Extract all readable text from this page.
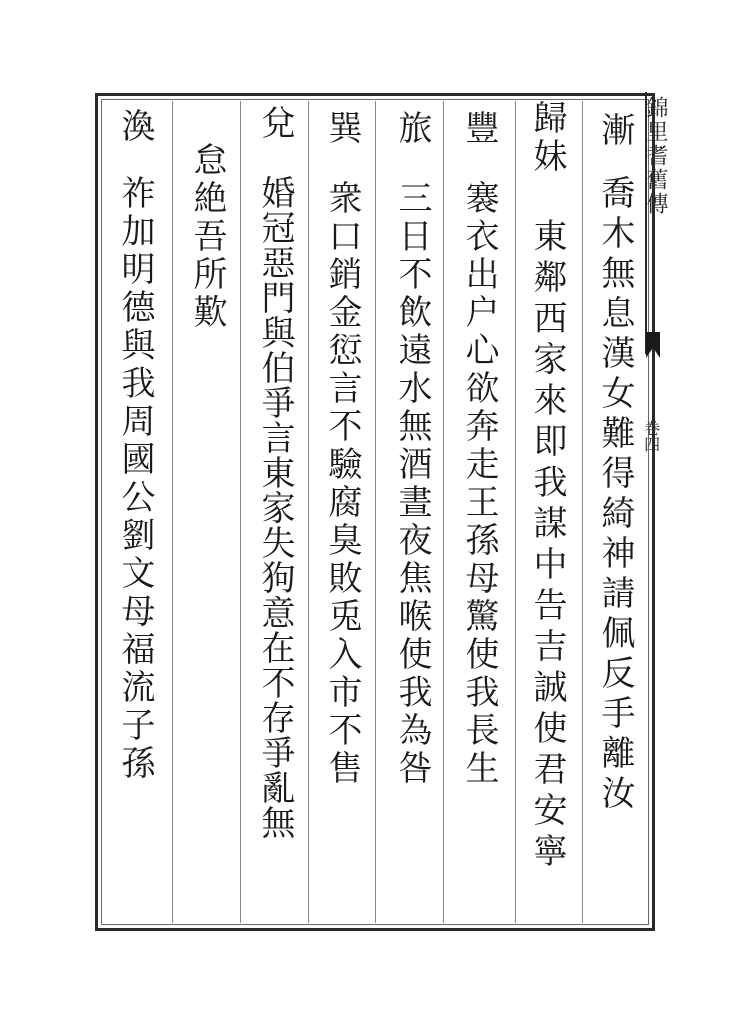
錦里耆舊傳
卷四
漸
喬木無息漢女難得綺神請佩反手離汝
歸妹
東鄰西家來即我謀中告吉誠使君安寧
豐
褰衣出户心欲奔走王孫母驚使我長生
旅
三日不飲遠水無酒晝夜焦喉使我為咎
巽
衆口銷金愆言不驗腐臭敗兎入市不售
兌
婚冠惡門與伯爭言東家失狗意在不存爭亂無
怠絶吾所歎
渙
祚加明德與我周國公劉文母福流子孫
